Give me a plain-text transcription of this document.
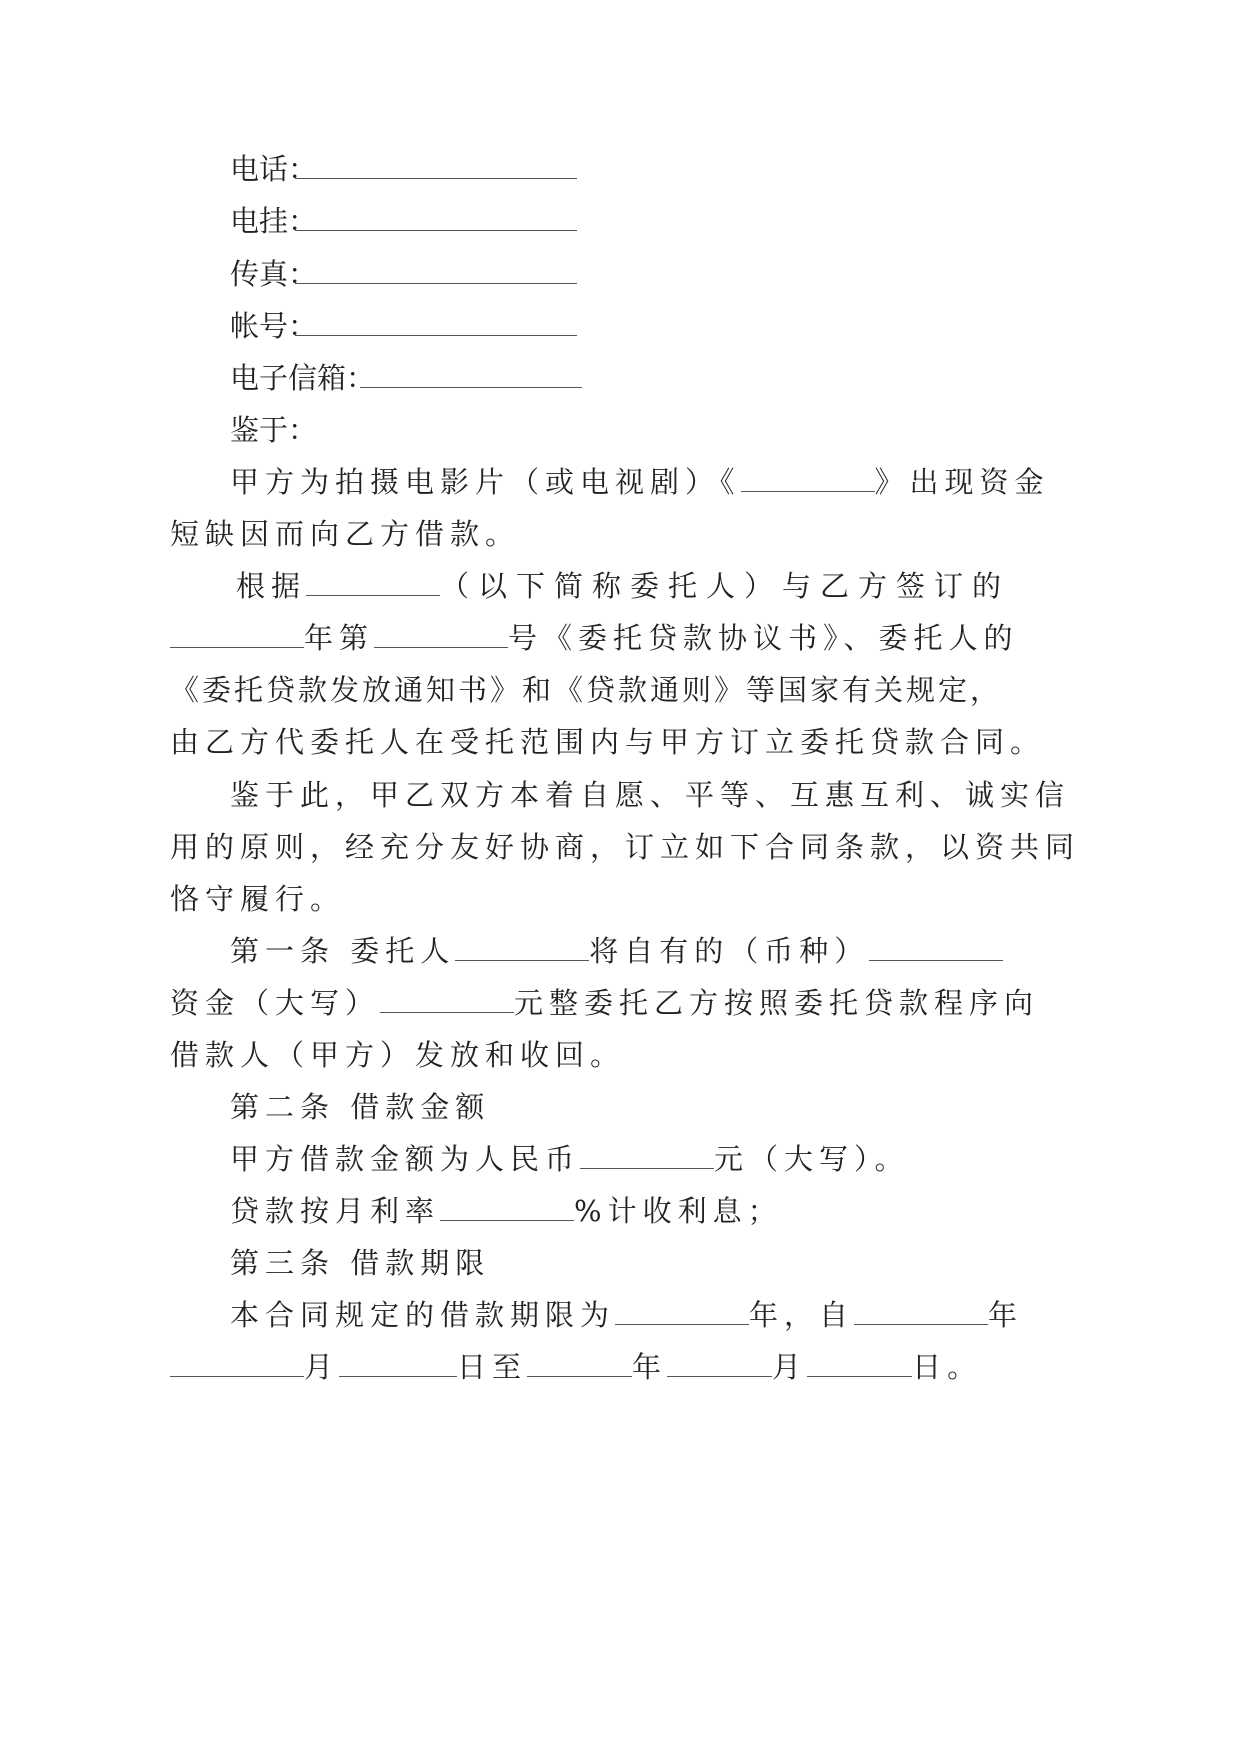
电话：
电挂：
传真：
帐号：
电子信箱：
鉴于：
甲方为拍摄电影片（或电视剧）《	》出现资金
短缺因而向乙方借款。
根据	（以下简称委托人）与乙方签订的
年第	号《委托贷款协议书》、委托人的
《委托贷款发放通知书》和《贷款通则》等国家有关规定，
由乙方代委托人在受托范围内与甲方订立委托贷款合同。
鉴于此，甲乙双方本着自愿、平等、互惠互利、诚实信
用的原则，经充分友好协商，订立如下合同条款，以资共同
恪守履行。
第一条 委托人	将自有的（币种）
资金（大写）	元整委托乙方按照委托贷款程序向
借款人（甲方）发放和收回。
第二条 借款金额
甲方借款金额为人民币	元（大写）。
贷款按月利率	%计收利息；
第三条 借款期限
本合同规定的借款期限为	年，自	年
月	日至	年	月	日。
